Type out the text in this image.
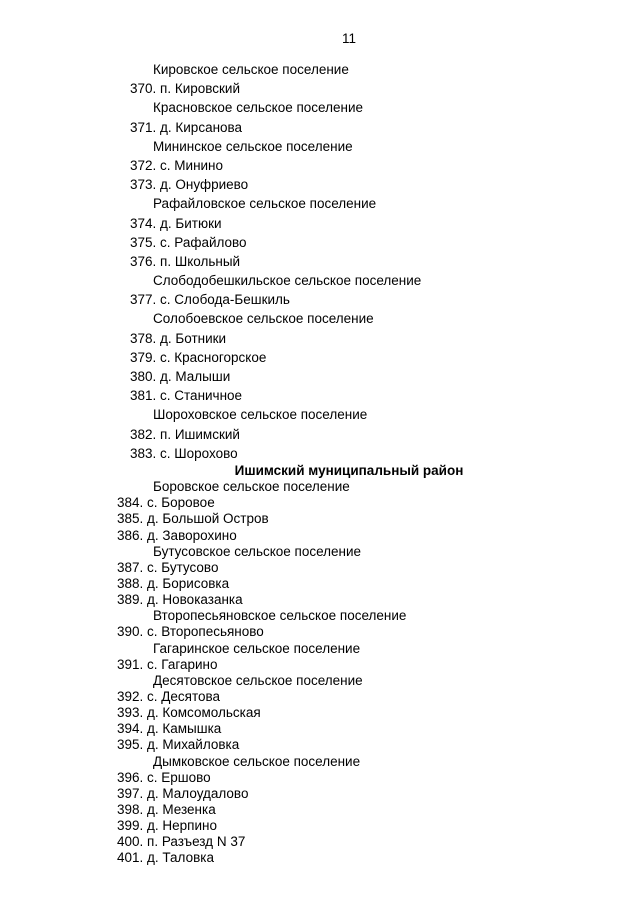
11
Кировское сельское поселение
370. п. Кировский
Красновское сельское поселение
371. д. Кирсанова
Мининское сельское поселение
372. с. Минино
373. д. Онуфриево
Рафайловское сельское поселение
374. д. Битюки
375. с. Рафайлово
376. п. Школьный
Слободобешкильское сельское поселение
377. с. Слобода-Бешкиль
Солобоевское сельское поселение
378. д. Ботники
379. с. Красногорское
380. д. Малыши
381. с. Станичное
Шороховское сельское поселение
382. п. Ишимский
383. с. Шорохово
Ишимский муниципальный район
Боровское сельское поселение
384. с. Боровое
385. д. Большой Остров
386. д. Заворохино
Бутусовское сельское поселение
387. с. Бутусово
388. д. Борисовка
389. д. Новоказанка
Второпесьяновское сельское поселение
390. с. Второпесьяново
Гагаринское сельское поселение
391. с. Гагарино
Десятовское сельское поселение
392. с. Десятова
393. д. Комсомольская
394. д. Камышка
395. д. Михайловка
Дымковское сельское поселение
396. с. Ершово
397. д. Малоудалово
398. д. Мезенка
399. д. Нерпино
400. п. Разъезд N 37
401. д. Таловка
